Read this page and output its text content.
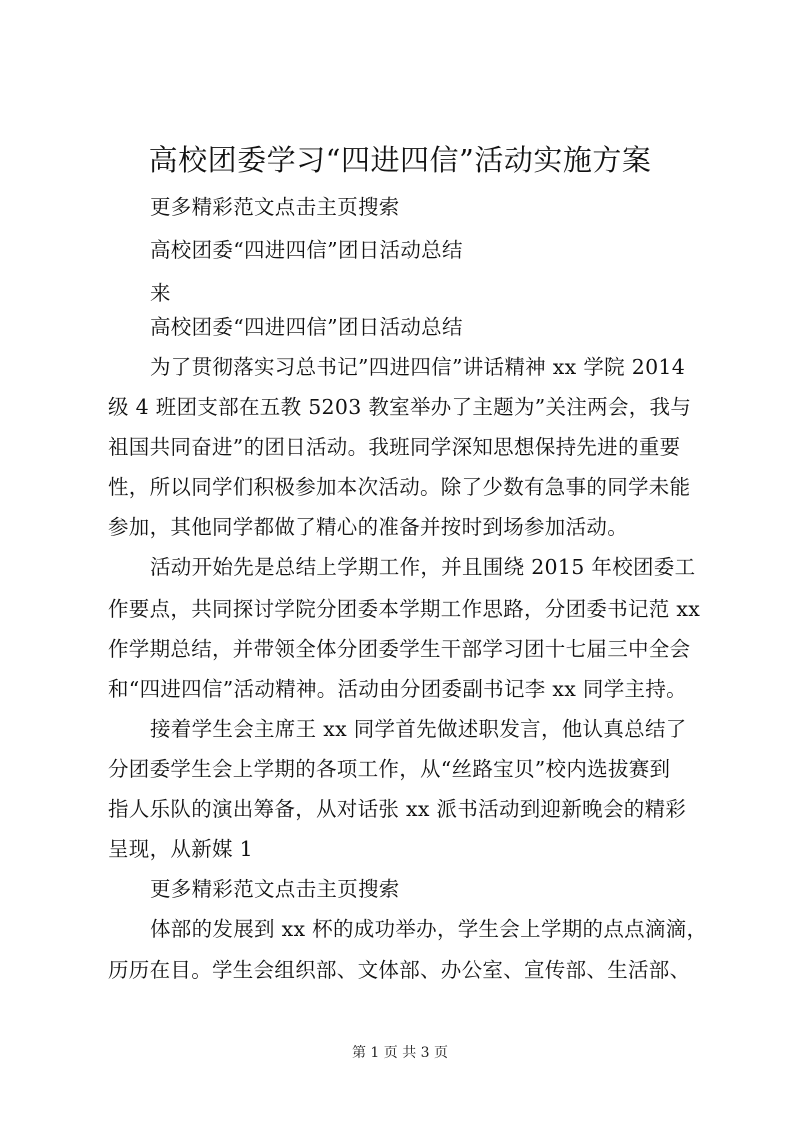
高校团委学习“四进四信”活动实施方案
更多精彩范文点击主页搜索
高校团委“四进四信”团日活动总结
来
高校团委“四进四信”团日活动总结
为了贯彻落实习总书记”四进四信”讲话精神 xx 学院 2014
级 4 班团支部在五教 5203 教室举办了主题为”关注两会，我与
祖国共同奋进”的团日活动。我班同学深知思想保持先进的重要
性，所以同学们积极参加本次活动。除了少数有急事的同学未能
参加，其他同学都做了精心的准备并按时到场参加活动。
活动开始先是总结上学期工作，并且围绕 2015 年校团委工
作要点，共同探讨学院分团委本学期工作思路，分团委书记范 xx
作学期总结，并带领全体分团委学生干部学习团十七届三中全会
和“四进四信”活动精神。活动由分团委副书记李 xx 同学主持。
接着学生会主席王 xx 同学首先做述职发言，他认真总结了
分团委学生会上学期的各项工作，从“丝路宝贝”校内选拔赛到
指人乐队的演出筹备，从对话张 xx 派书活动到迎新晚会的精彩
呈现，从新媒 1
更多精彩范文点击主页搜索
体部的发展到 xx 杯的成功举办，学生会上学期的点点滴滴，
历历在目。学生会组织部、文体部、办公室、宣传部、生活部、
第 1 页 共 3 页
